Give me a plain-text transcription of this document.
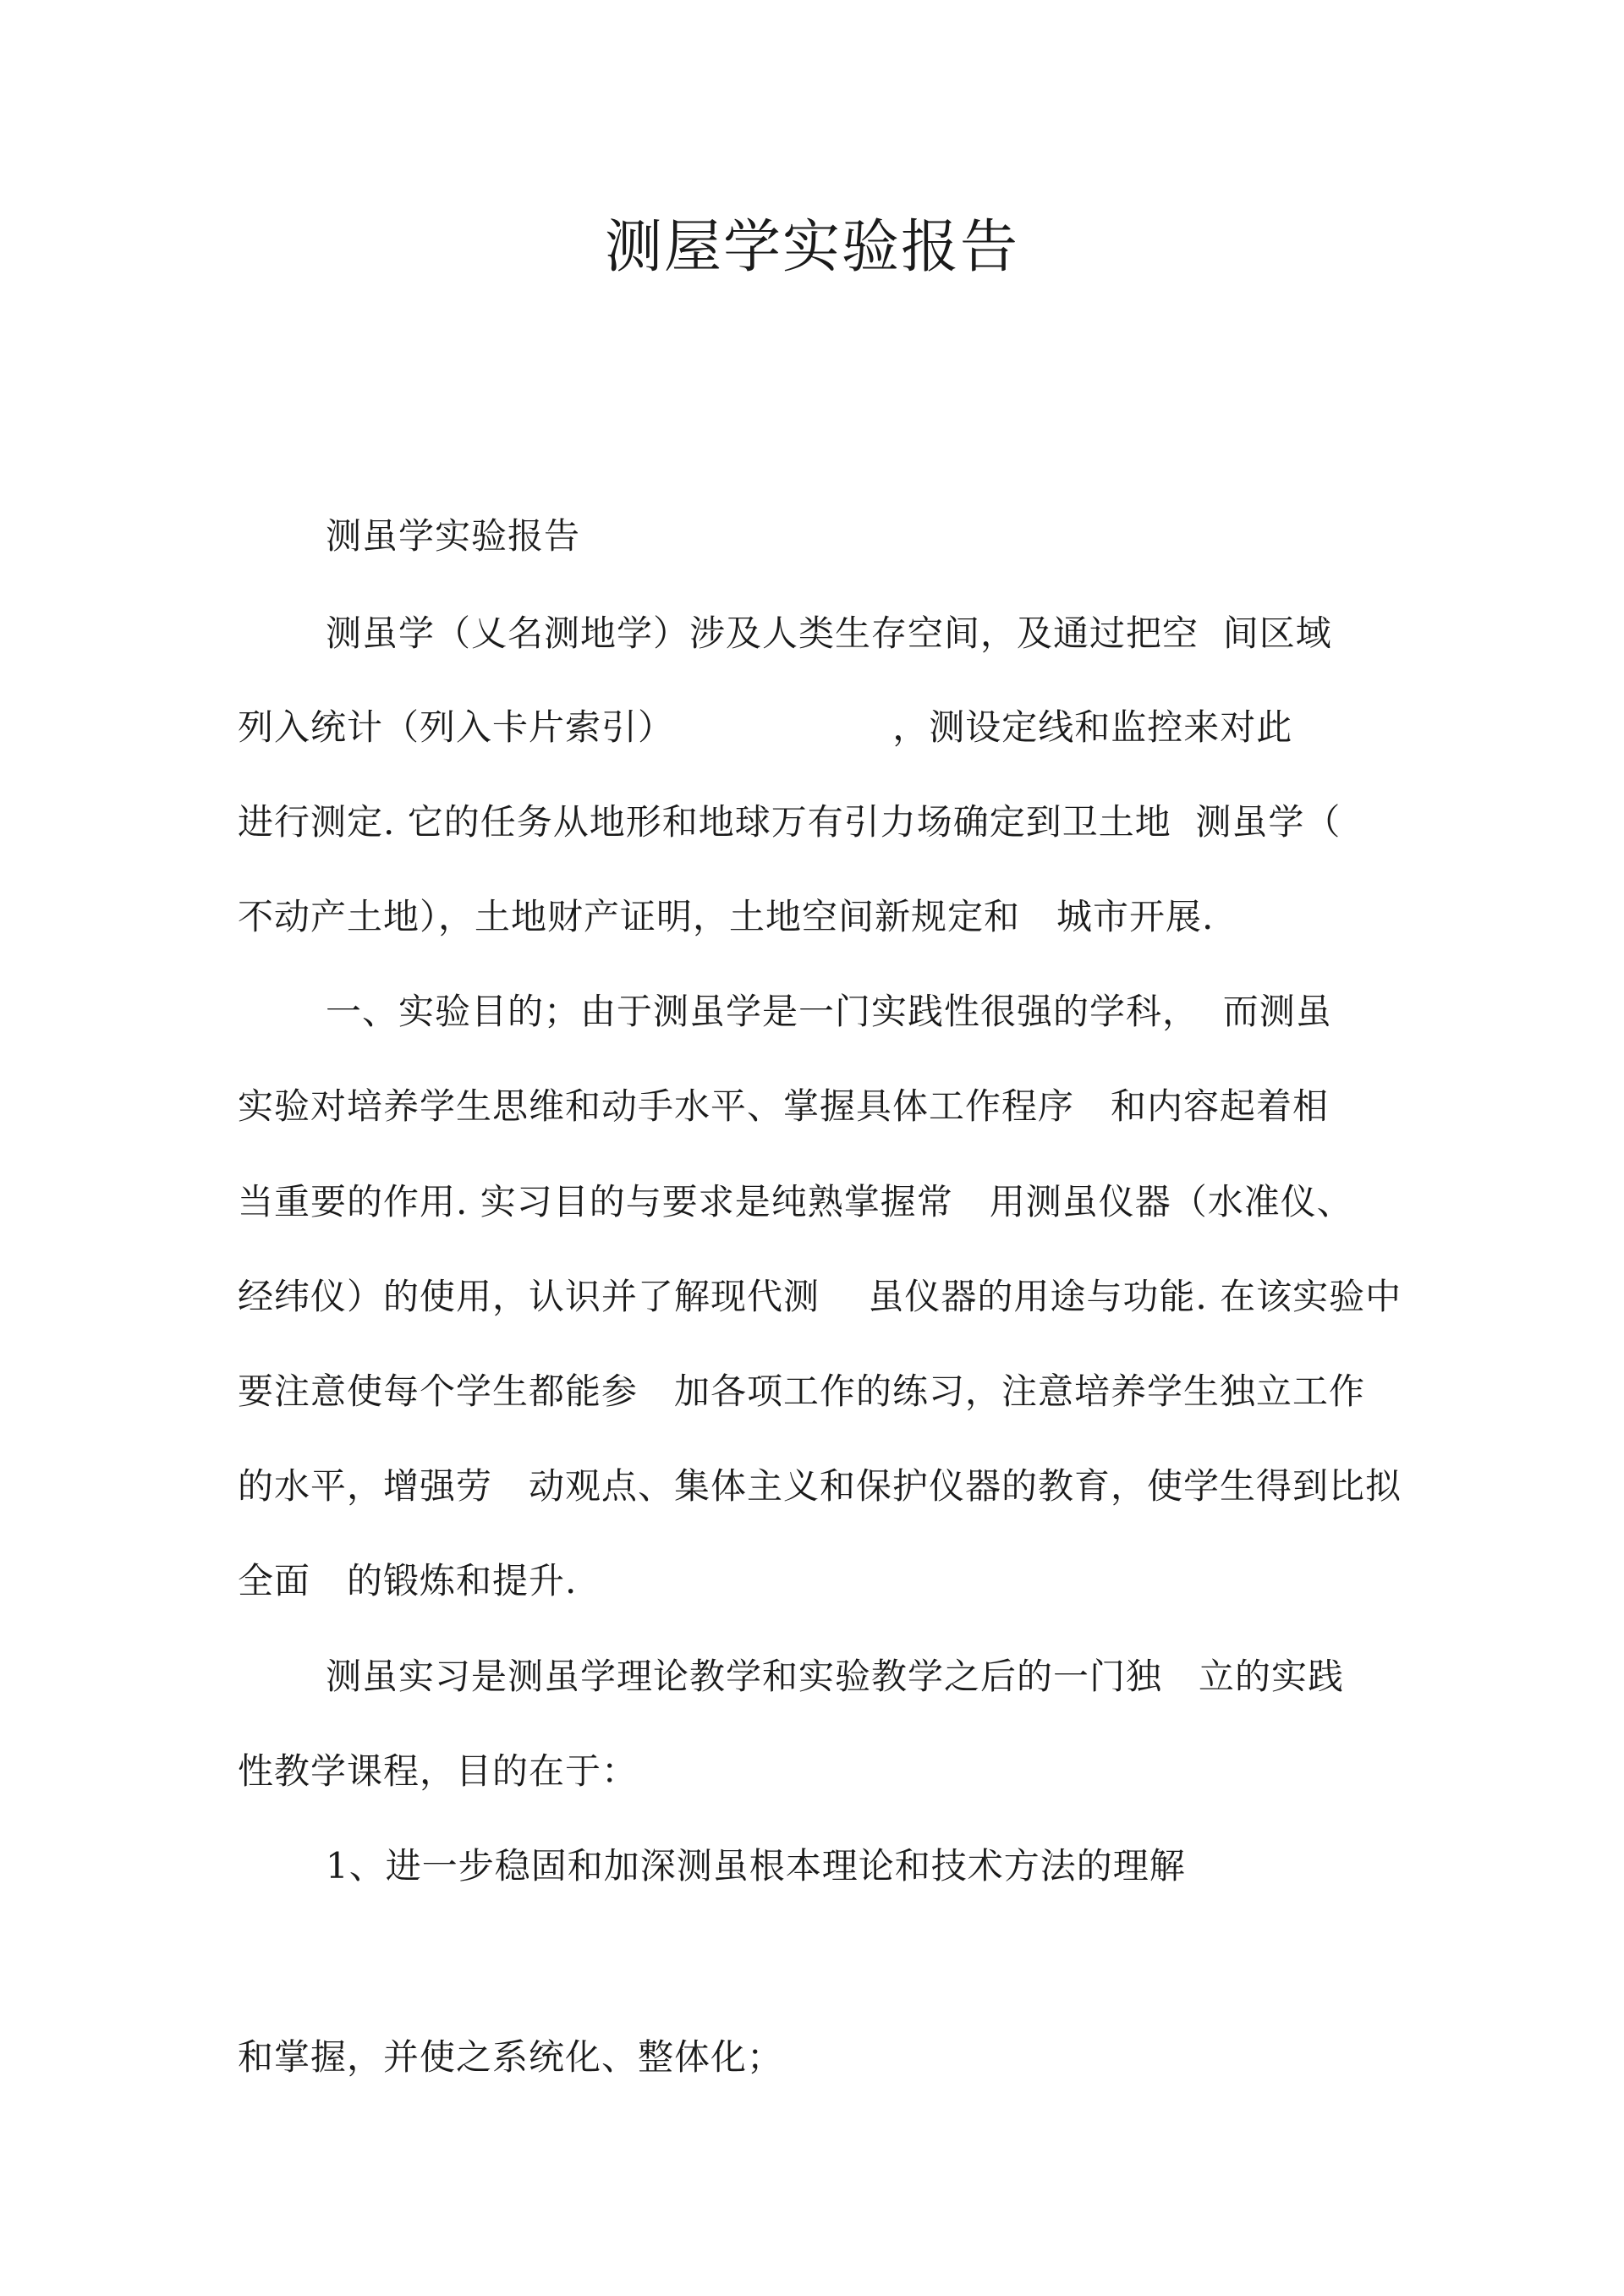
测屋学实验报告
测虽学实验报告
测虽学（乂名测地学）涉及人类生存空间，及通过把空  间区域
列入统计（列入卡片索引）                  ，测设定线和监控来对此
进行测定. 它的任务从地形和地球万有引力场确定到卫土地  测虽学（
不动产土地），土地财产证明，土地空间新规定和   城市开展.
一、实验目的；由于测虽学是一门实践性很强的学科，  而测虽
实验对培养学生思维和动手水平、掌握具体工作程序   和内容起着相
当重要的作用. 实习目的与要求是纯熟掌握常   用测虽仪器（水准仪、
经纬仪）的使用，认识并了解现代测    虽仪器的用途与功能. 在该实验中
要注意使每个学生都能参   加各项工作的练习，注意培养学生独立工作
的水平，增强劳   动观点、集体主义和保护仪器的教育，使学生得到比拟
全面   的锻炼和提升.
测虽实习是测虽学理论教学和实验教学之后的一门独   立的实践
性教学课程，目的在于：
1、进一步稳固和加深测虽根本理论和技术方法的理解
和掌握，并使之系统化、整体化；
